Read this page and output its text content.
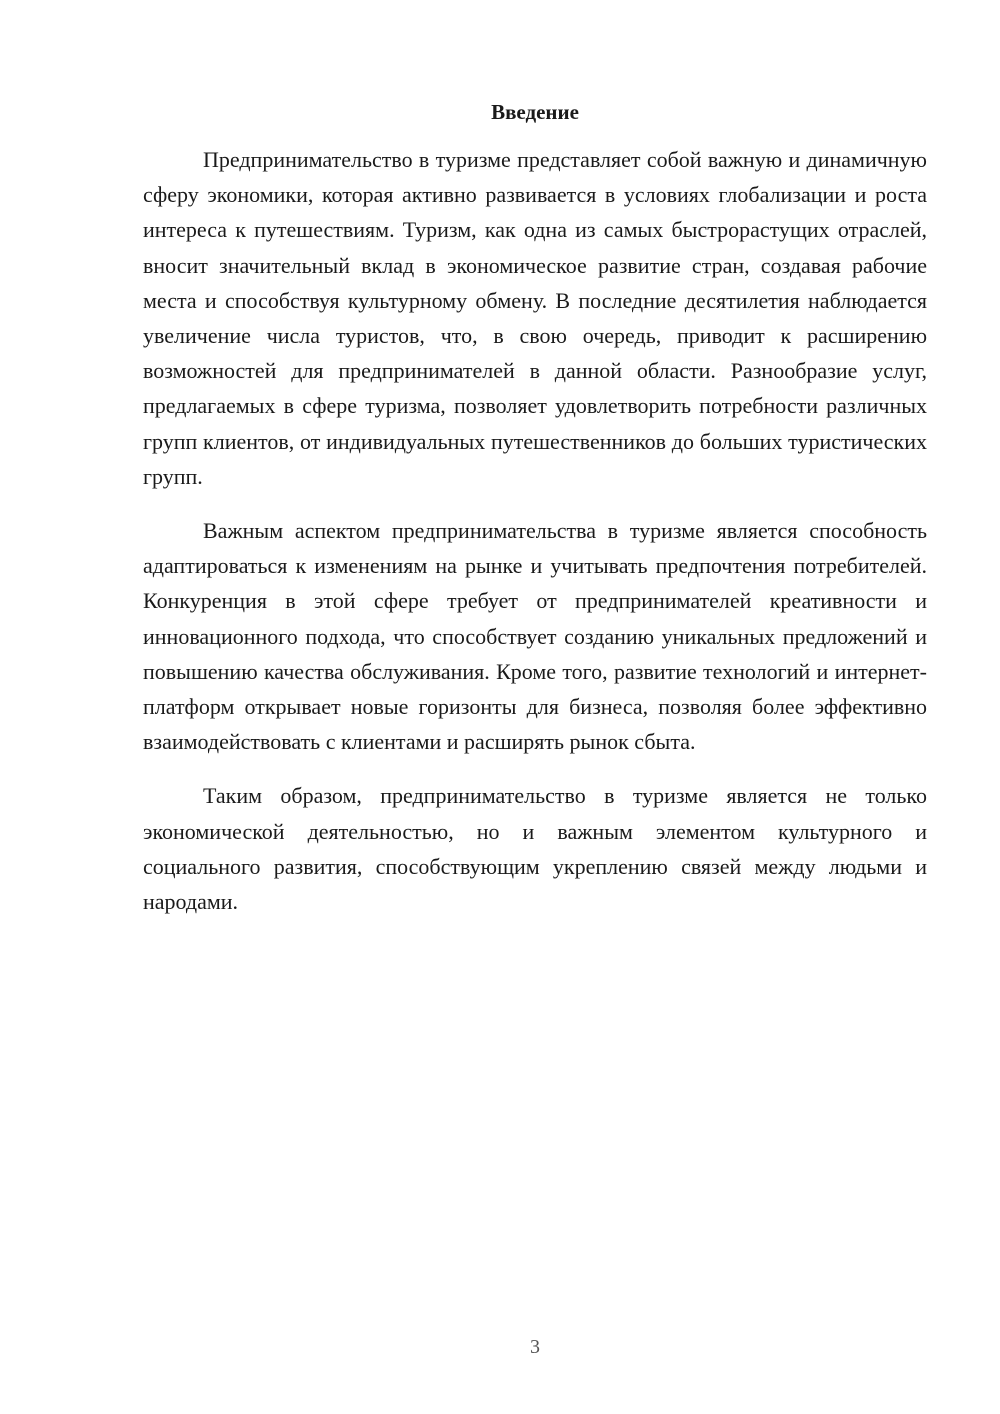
Введение

Предпринимательство в туризме представляет собой важную и динамичную сферу экономики, которая активно развивается в условиях глобализации и роста интереса к путешествиям. Туризм, как одна из самых быстрорастущих отраслей, вносит значительный вклад в экономическое развитие стран, создавая рабочие места и способствуя культурному обмену. В последние десятилетия наблюдается увеличение числа туристов, что, в свою очередь, приводит к расширению возможностей для предпринимателей в данной области. Разнообразие услуг, предлагаемых в сфере туризма, позволяет удовлетворить потребности различных групп клиентов, от индивидуальных путешественников до больших туристических групп.

Важным аспектом предпринимательства в туризме является способность адаптироваться к изменениям на рынке и учитывать предпочтения потребителей. Конкуренция в этой сфере требует от предпринимателей креативности и инновационного подхода, что способствует созданию уникальных предложений и повышению качества обслуживания. Кроме того, развитие технологий и интернет-платформ открывает новые горизонты для бизнеса, позволяя более эффективно взаимодействовать с клиентами и расширять рынок сбыта.

Таким образом, предпринимательство в туризме является не только экономической деятельностью, но и важным элементом культурного и социального развития, способствующим укреплению связей между людьми и народами.

3
